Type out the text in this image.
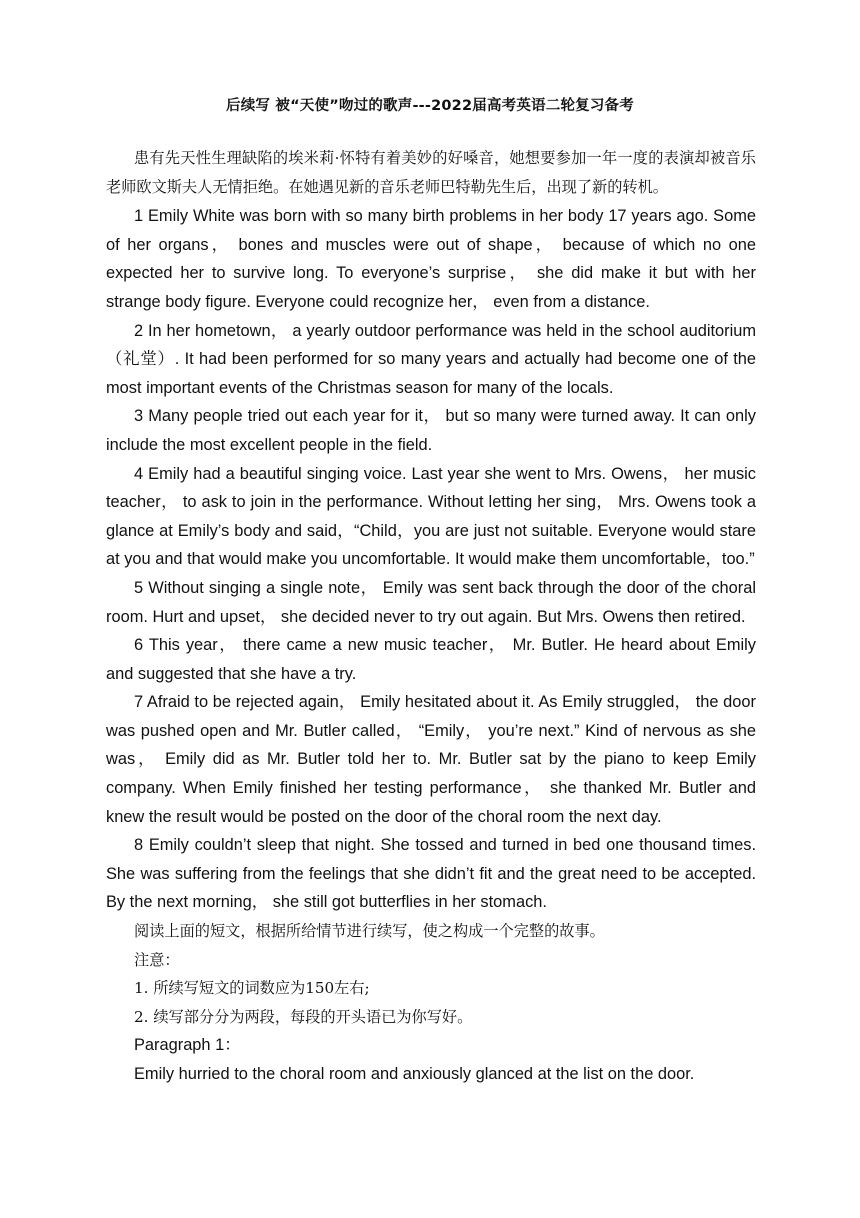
后续写 被“天使”吻过的歌声---2022届高考英语二轮复习备考

患有先天性生理缺陷的埃米莉·怀特有着美妙的好嗓音，她想要参加一年一度的表演却被音乐老师欧文斯夫人无情拒绝。在她遇见新的音乐老师巴特勒先生后，出现了新的转机。

1 Emily White was born with so many birth problems in her body 17 years ago. Some of her organs， bones and muscles were out of shape， because of which no one expected her to survive long. To everyone’s surprise， she did make it but with her strange body figure. Everyone could recognize her， even from a distance.

2 In her hometown， a yearly outdoor performance was held in the school auditorium（礼堂）. It had been performed for so many years and actually had become one of the most important events of the Christmas season for many of the locals.

3 Many people tried out each year for it， but so many were turned away. It can only include the most excellent people in the field.

4 Emily had a beautiful singing voice. Last year she went to Mrs. Owens， her music teacher， to ask to join in the performance. Without letting her sing， Mrs. Owens took a glance at Emily’s body and said，“Child，you are just not suitable. Everyone would stare at you and that would make you uncomfortable. It would make them uncomfortable，too.”

5 Without singing a single note， Emily was sent back through the door of the choral room. Hurt and upset， she decided never to try out again. But Mrs. Owens then retired.

6 This year， there came a new music teacher， Mr. Butler. He heard about Emily and suggested that she have a try.

7 Afraid to be rejected again， Emily hesitated about it. As Emily struggled， the door was pushed open and Mr. Butler called， “Emily， you’re next.” Kind of nervous as she was， Emily did as Mr. Butler told her to. Mr. Butler sat by the piano to keep Emily company. When Emily finished her testing performance， she thanked Mr. Butler and knew the result would be posted on the door of the choral room the next day.

8 Emily couldn’t sleep that night. She tossed and turned in bed one thousand times. She was suffering from the feelings that she didn’t fit and the great need to be accepted. By the next morning， she still got butterflies in her stomach.

阅读上面的短文，根据所给情节进行续写，使之构成一个完整的故事。

注意：

1. 所续写短文的词数应为150左右;

2. 续写部分分为两段，每段的开头语已为你写好。

Paragraph 1：

Emily hurried to the choral room and anxiously glanced at the list on the door.
